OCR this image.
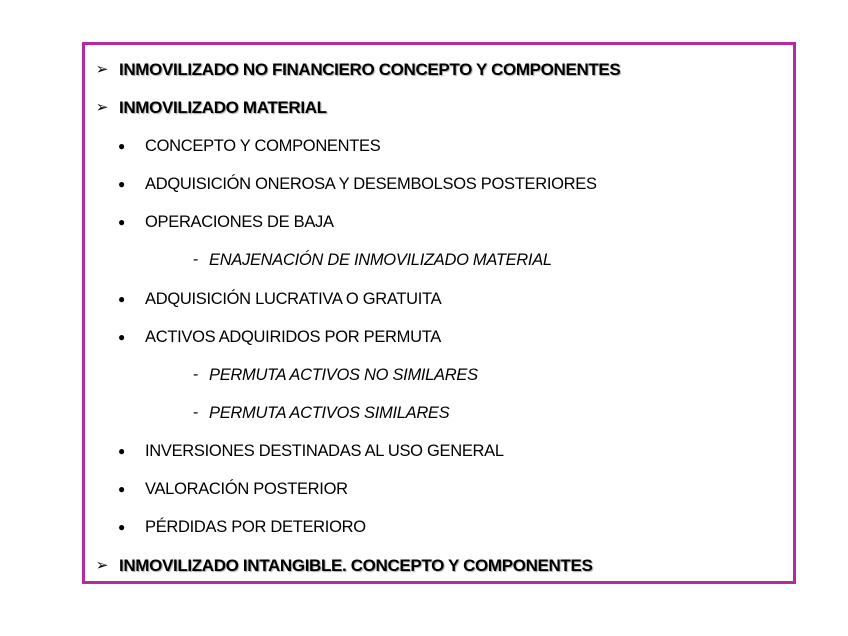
➢ INMOVILIZADO NO FINANCIERO CONCEPTO Y COMPONENTES
➢ INMOVILIZADO MATERIAL
● CONCEPTO Y COMPONENTES
● ADQUISICIÓN ONEROSA Y DESEMBOLSOS POSTERIORES
● OPERACIONES DE BAJA
- ENAJENACIÓN DE INMOVILIZADO MATERIAL
● ADQUISICIÓN LUCRATIVA O GRATUITA
● ACTIVOS ADQUIRIDOS POR PERMUTA
- PERMUTA ACTIVOS NO SIMILARES
- PERMUTA ACTIVOS SIMILARES
● INVERSIONES DESTINADAS AL USO GENERAL
● VALORACIÓN POSTERIOR
● PÉRDIDAS POR DETERIORO
➢ INMOVILIZADO INTANGIBLE. CONCEPTO Y COMPONENTES
